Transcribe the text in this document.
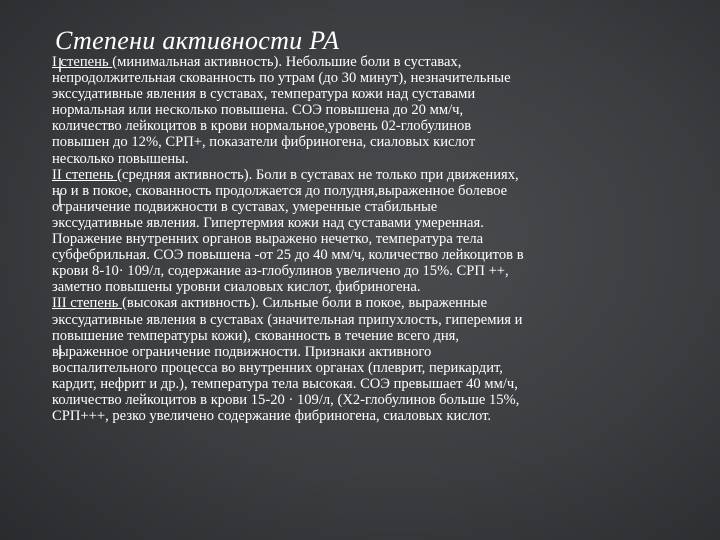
Степени активности РА
I степень (минимальная активность). Небольшие боли в суставах,
непродолжительная скованность по утрам (до 30 минут), незначительные
экссудативные явления в суставах, температура кожи над суставами
нормальная или несколько повышена. СОЭ повышена до 20 мм/ч,
количество лейкоцитов в крови нормальное,уровень 02-глобулинов
повышен до 12%, СРП+, показатели фибриногена, сиаловых кислот
несколько повышены.
II степень (средняя активность). Боли в суставах не только при движениях,
но и в покое, скованность продолжается до полудня,выраженное болевое
ограничение подвижности в суставах, умеренные стабильные
экссудативные явления. Гипертермия кожи над суставами умеренная.
Поражение внутренних органов выражено нечетко, температура тела
субфебрильная. СОЭ повышена -от 25 до 40 мм/ч, количество лейкоцитов в
крови 8-10· 109/л, содержание аз-глобулинов увеличено до 15%. СРП ++,
заметно повышены уровни сиаловых кислот, фибриногена.
III степень (высокая активность). Сильные боли в покое, выраженные
экссудативные явления в суставах (значительная припухлость, гиперемия и
повышение температуры кожи), скованность в течение всего дня,
выраженное ограничение подвижности. Признаки активного
воспалительного процесса во внутренних органах (плеврит, перикардит,
кардит, нефрит и др.), температура тела высокая. СОЭ превышает 40 мм/ч,
количество лейкоцитов в крови 15-20 · 109/л, (Х2-глобулинов больше 15%,
СРП+++, резко увеличено содержание фибриногена, сиаловых кислот.
